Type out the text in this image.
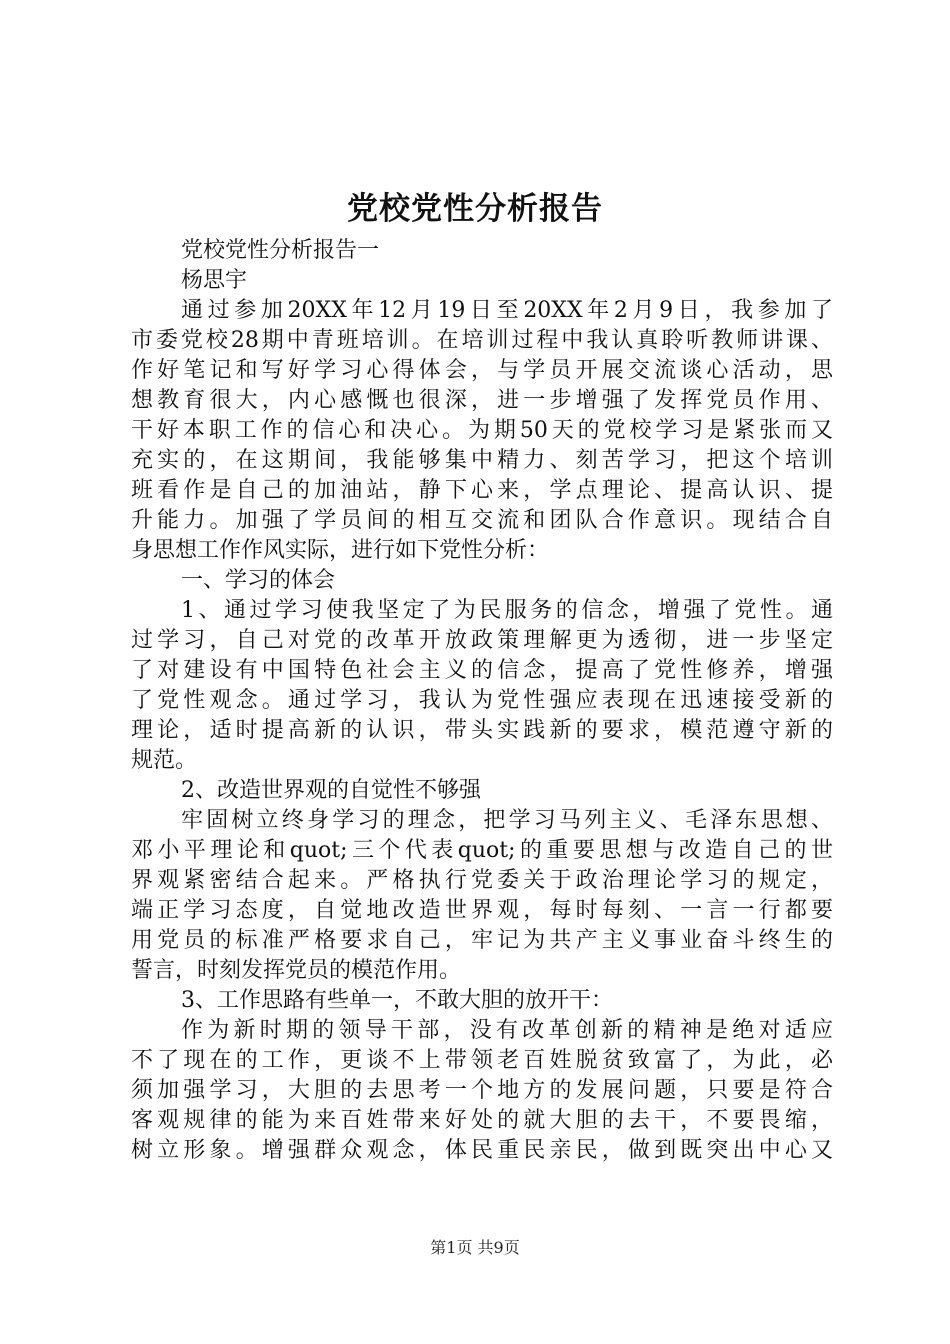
党校党性分析报告
党校党性分析报告一
杨思宇
通过参加20XX年12月19日至20XX年2月9日，我参加了
市委党校28期中青班培训。在培训过程中我认真聆听教师讲课、
作好笔记和写好学习心得体会，与学员开展交流谈心活动，思
想教育很大，内心感慨也很深，进一步增强了发挥党员作用、
干好本职工作的信心和决心。为期50天的党校学习是紧张而又
充实的，在这期间，我能够集中精力、刻苦学习，把这个培训
班看作是自己的加油站，静下心来，学点理论、提高认识、提
升能力。加强了学员间的相互交流和团队合作意识。现结合自
身思想工作作风实际，进行如下党性分析：
一、学习的体会
1、通过学习使我坚定了为民服务的信念，增强了党性。通
过学习，自己对党的改革开放政策理解更为透彻，进一步坚定
了对建设有中国特色社会主义的信念，提高了党性修养，增强
了党性观念。通过学习，我认为党性强应表现在迅速接受新的
理论，适时提高新的认识，带头实践新的要求，模范遵守新的
规范。
2、改造世界观的自觉性不够强
牢固树立终身学习的理念，把学习马列主义、毛泽东思想、
邓小平理论和quot;三个代表quot;的重要思想与改造自己的世
界观紧密结合起来。严格执行党委关于政治理论学习的规定，
端正学习态度，自觉地改造世界观，每时每刻、一言一行都要
用党员的标准严格要求自己，牢记为共产主义事业奋斗终生的
誓言，时刻发挥党员的模范作用。
3、工作思路有些单一，不敢大胆的放开干：
作为新时期的领导干部，没有改革创新的精神是绝对适应
不了现在的工作，更谈不上带领老百姓脱贫致富了，为此，必
须加强学习，大胆的去思考一个地方的发展问题，只要是符合
客观规律的能为来百姓带来好处的就大胆的去干，不要畏缩，
树立形象。增强群众观念，体民重民亲民，做到既突出中心又
第1页 共9页
